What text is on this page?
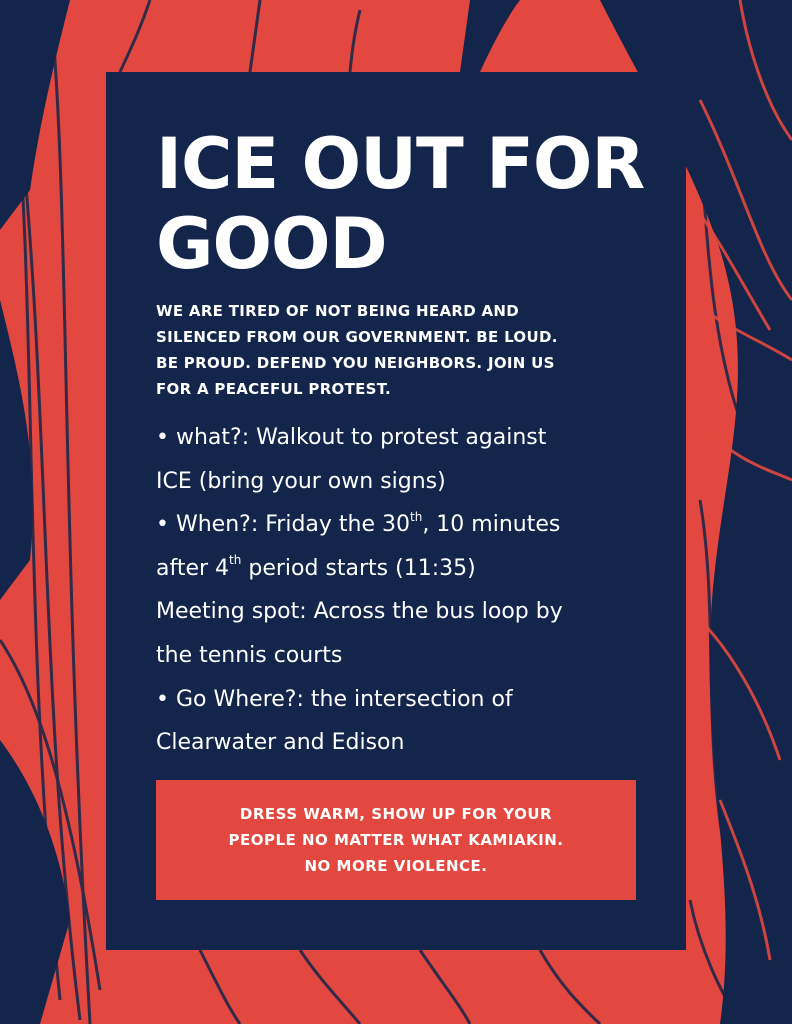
ICE OUT FOR
GOOD

WE ARE TIRED OF NOT BEING HEARD AND
SILENCED FROM OUR GOVERNMENT. BE LOUD.
BE PROUD. DEFEND YOU NEIGHBORS. JOIN US
FOR A PEACEFUL PROTEST.

• what?: Walkout to protest against
ICE (bring your own signs)
• When?: Friday the 30th, 10 minutes
after 4th period starts (11:35)
Meeting spot: Across the bus loop by
the tennis courts
• Go Where?: the intersection of
Clearwater and Edison
DRESS WARM, SHOW UP FOR YOUR
PEOPLE NO MATTER WHAT KAMIAKIN.
NO MORE VIOLENCE.
